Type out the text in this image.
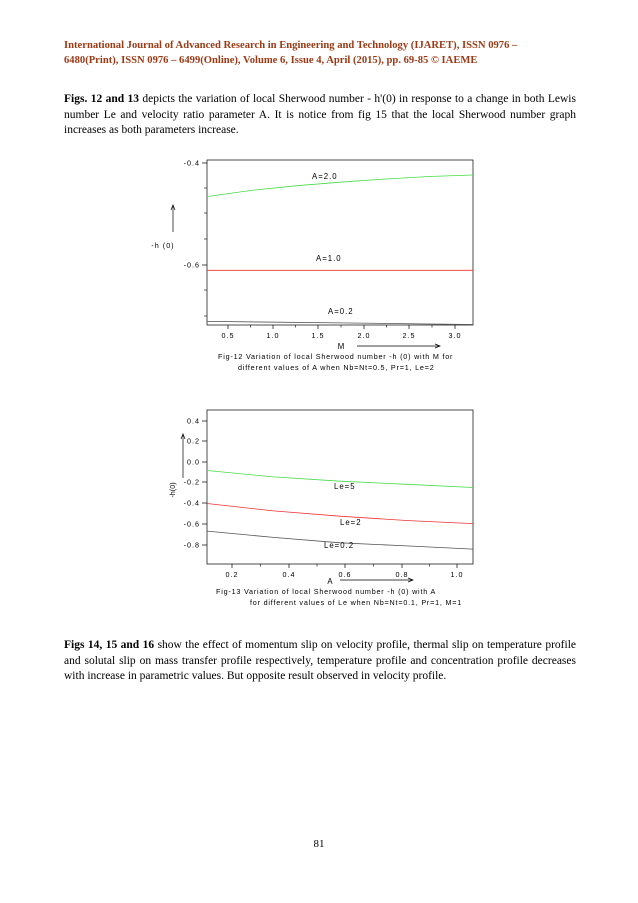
International Journal of Advanced Research in Engineering and Technology (IJARET), ISSN 0976 –
6480(Print), ISSN 0976 – 6499(Online), Volume 6, Issue 4, April (2015), pp. 69-85 © IAEME
Figs. 12 and 13 depicts the variation of local Sherwood number - h'(0) in response to a change in both Lewis number Le and velocity ratio parameter A. It is notice from fig 15 that the local Sherwood number graph increases as both parameters increase.
-0.4
-0.6
0.5	1.0	1.5	2.0	2.5	3.0
-h (0)
M
A=2.0
A=1.0
A=0.2
Fig-12 Variation of local Sherwood number -h (0) with M for
different values of A when Nb=Nt=0.5, Pr=1, Le=2
0.4
0.2
0.0
-0.2
-0.4
-0.6
-0.8
0.2	0.4	0.6	0.8	1.0
-h(0)
A
Le=5
Le=2
Le=0.2
Fig-13 Variation of local Sherwood number -h (0) with A
for different values of Le when Nb=Nt=0.1, Pr=1, M=1
Figs 14, 15 and 16 show the effect of momentum slip on velocity profile, thermal slip on temperature profile and solutal slip on mass transfer profile respectively, temperature profile and concentration profile decreases with increase in parametric values. But opposite result observed in velocity profile.
81
